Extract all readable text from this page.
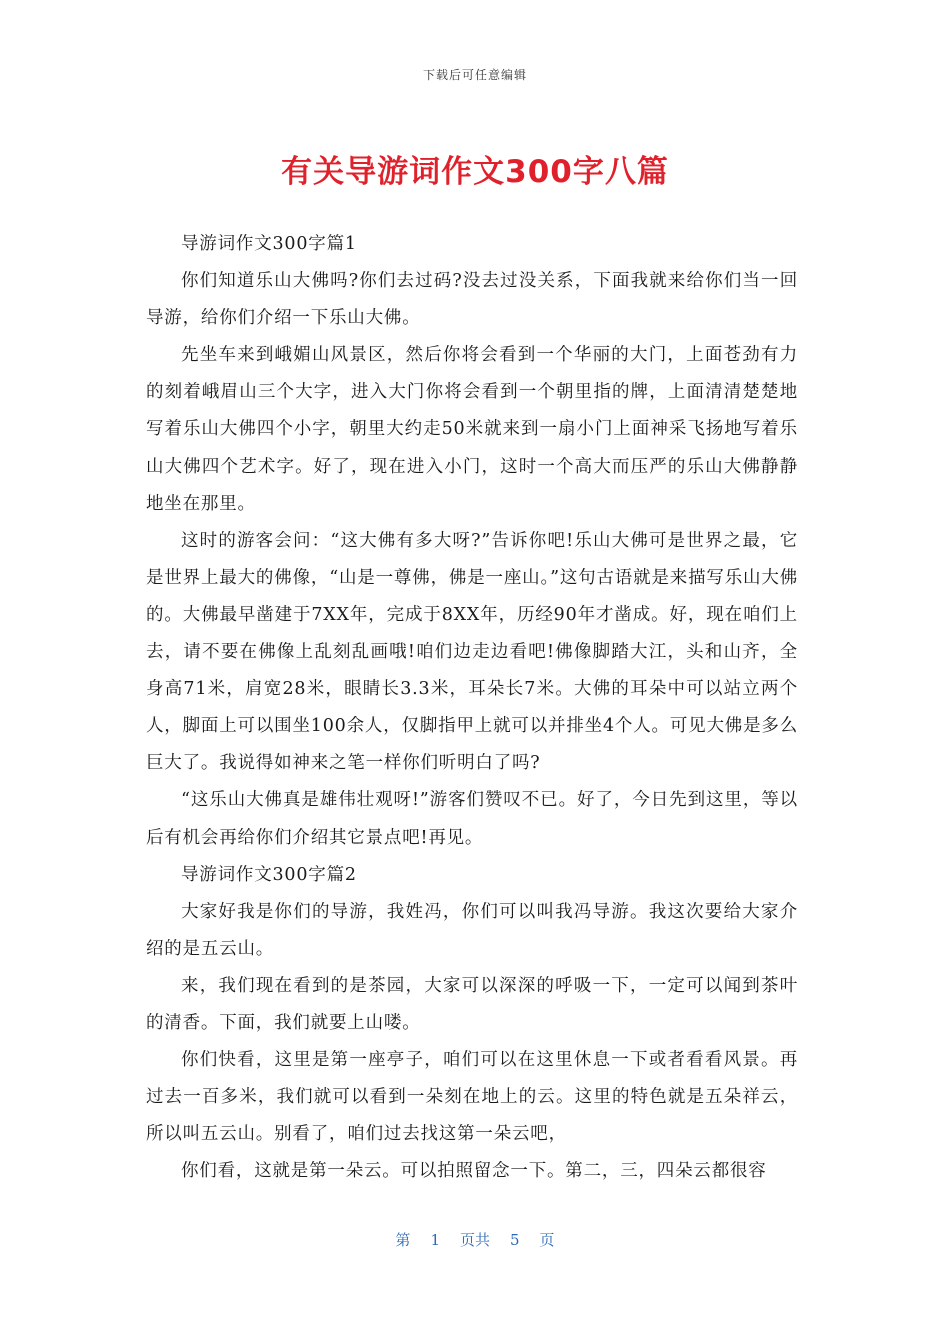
下载后可任意编辑
有关导游词作文300字八篇

导游词作文300字篇1

你们知道乐山大佛吗?你们去过码?没去过没关系，下面我就来给你们当一回导游，给你们介绍一下乐山大佛。

先坐车来到峨媚山风景区，然后你将会看到一个华丽的大门，上面苍劲有力的刻着峨眉山三个大字，进入大门你将会看到一个朝里指的牌，上面清清楚楚地写着乐山大佛四个小字，朝里大约走50米就来到一扇小门上面神采飞扬地写着乐山大佛四个艺术字。好了，现在进入小门，这时一个高大而压严的乐山大佛静静地坐在那里。

这时的游客会问：“这大佛有多大呀?”告诉你吧!乐山大佛可是世界之最，它是世界上最大的佛像，“山是一尊佛，佛是一座山。”这句古语就是来描写乐山大佛的。大佛最早凿建于7XX年，完成于8XX年，历经90年才凿成。好，现在咱们上去，请不要在佛像上乱刻乱画哦!咱们边走边看吧!佛像脚踏大江，头和山齐，全身高71米，肩宽28米，眼睛长3.3米，耳朵长7米。大佛的耳朵中可以站立两个人，脚面上可以围坐100余人，仅脚指甲上就可以并排坐4个人。可见大佛是多么巨大了。我说得如神来之笔一样你们听明白了吗?

“这乐山大佛真是雄伟壮观呀!”游客们赞叹不已。好了，今日先到这里，等以后有机会再给你们介绍其它景点吧!再见。

导游词作文300字篇2

大家好我是你们的导游，我姓冯，你们可以叫我冯导游。我这次要给大家介绍的是五云山。

来，我们现在看到的是茶园，大家可以深深的呼吸一下，一定可以闻到茶叶的清香。下面，我们就要上山喽。

你们快看，这里是第一座亭子，咱们可以在这里休息一下或者看看风景。再过去一百多米，我们就可以看到一朵刻在地上的云。这里的特色就是五朵祥云，所以叫五云山。别看了，咱们过去找这第一朵云吧，

你们看，这就是第一朵云。可以拍照留念一下。第二，三，四朵云都很容

第 1 页共 5 页
